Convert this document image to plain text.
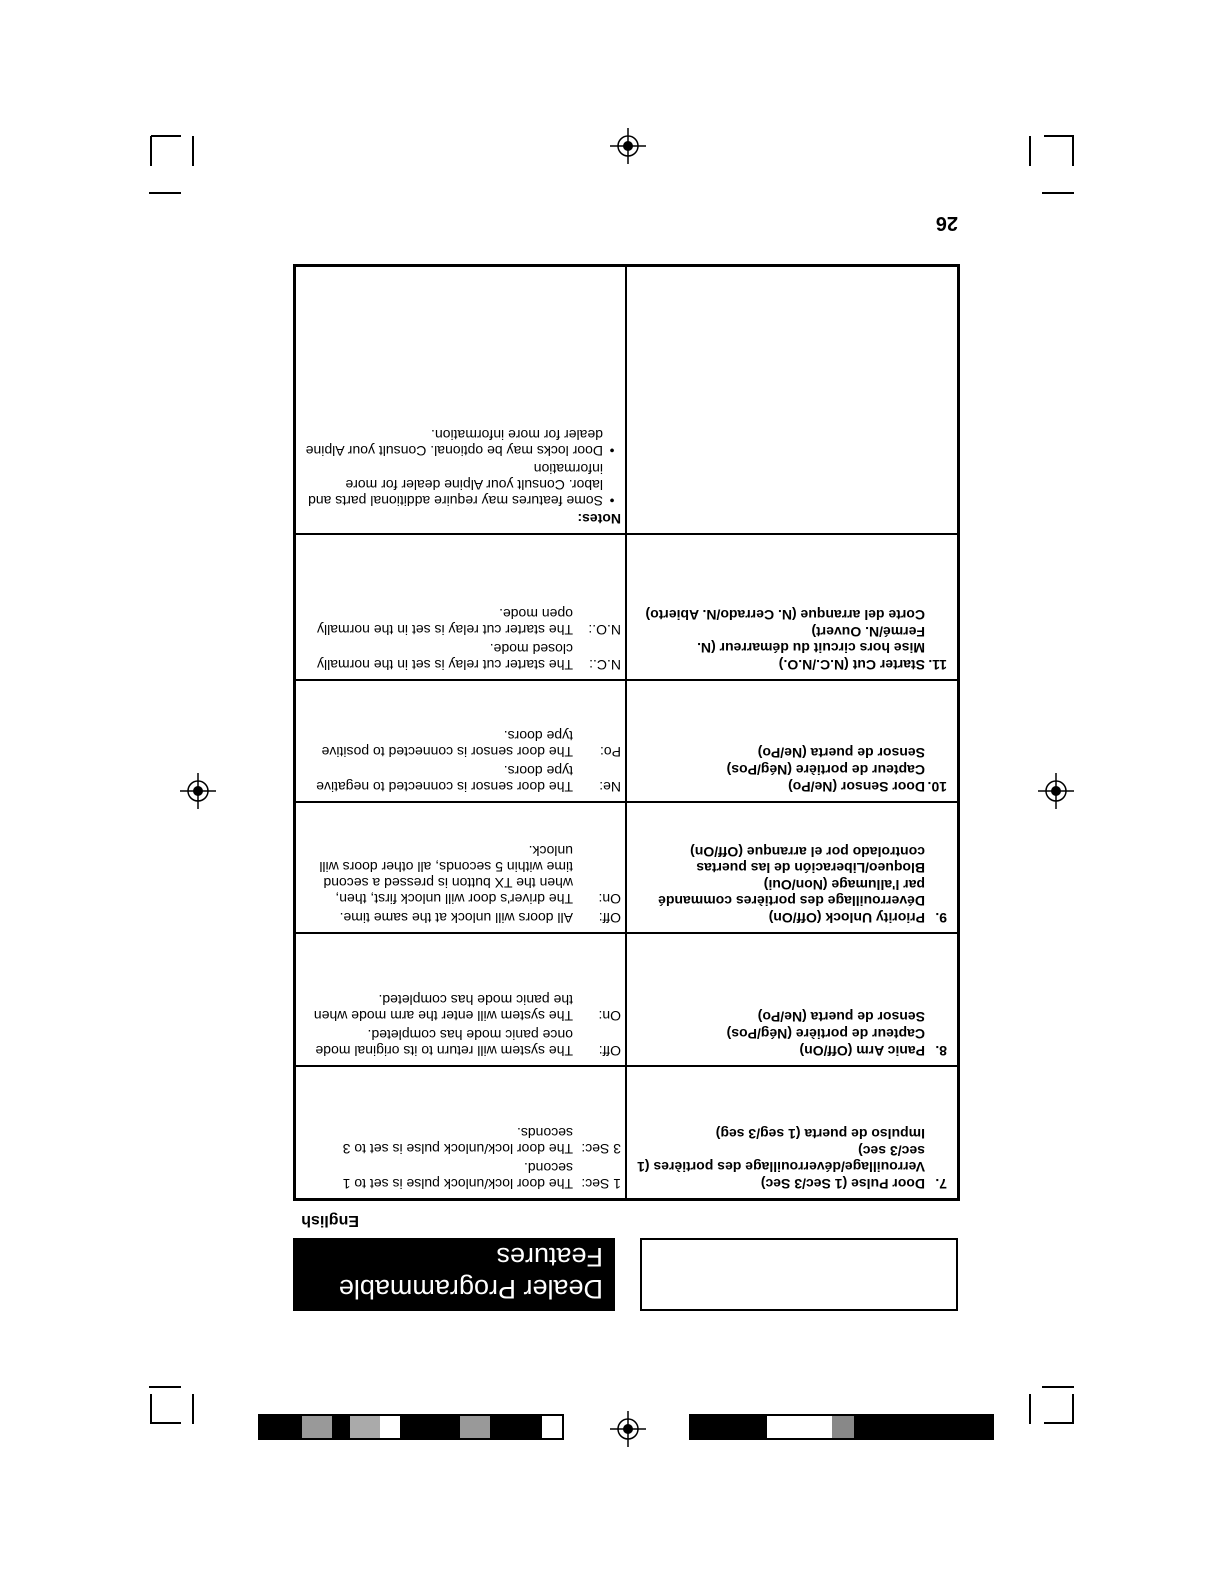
Dealer Programmable Features
English
7.
Door Pulse (1 Sec/3 Sec)
Verrouillage/déverrouillage des portières (1 sec/3 sec)
Impulso de puerta (1 seg/3 seg)
1 Sec:
The door lock/unlock pulse is set to 1 second.
3 Sec:
The door lock/unlock pulse is set to 3 seconds.
8.
Panic Arm (Off/On)
Capteur de portière (Nég/Pos)
Sensor de puerta (Ne/Po)
Off:
The system will return to its original mode once panic mode has completed.
On:
The system will enter the arm mode when the panic mode has completed.
9.
Priority Unlock (Off/On)
Déverrouillage des portières commandé par l'allumage (Non/Oui)
Bloqueo/Liberación de las puertas controlado por el arranque (Off/On)
Off:
All doors will unlock at the same time.
On:
The driver's door will unlock first, then, when the TX button is pressed a second time within 5 seconds, all other doors will unlock.
10.
Door Sensor (Ne/Po)
Capteur de portière (Nég/Pos)
Sensor de puerta (Ne/Po)
Ne:
The door sensor is connected to negative type doors.
Po:
The door sensor is connected to positive type doors.
11.
Starter Cut (N.C./N.O.)
Mise hors circuit du démarreur (N. Fermé/N. Ouvert)
Corte del arranque (N. Cerrado/N. Abierto)
N.C.:
The starter cut relay is set in the normally closed mode.
N.O.:
The starter cut relay is set in the normally open mode.
Notes:
•
Some features may require additional parts and labor. Consult your Alpine dealer for more information
•
Door locks may be optional. Consult your Alpine dealer for more information.
26
